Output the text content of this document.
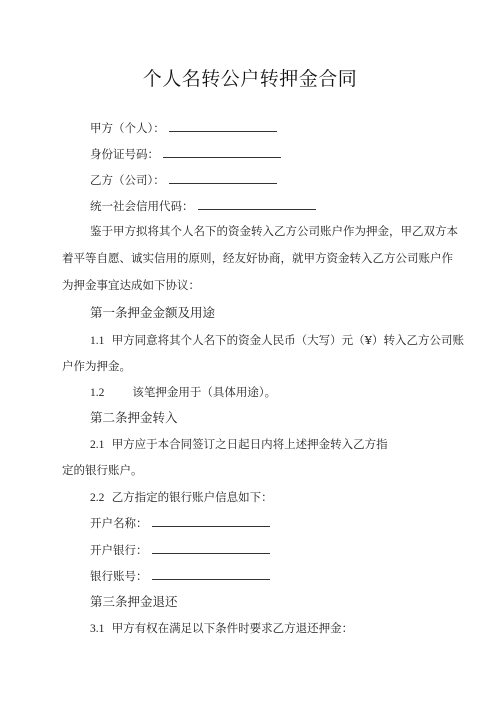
个人名转公户转押金合同
甲方（个人）：
身份证号码：
乙方（公司）：
统一社会信用代码：
鉴于甲方拟将其个人名下的资金转入乙方公司账户作为押金，甲乙双方本
着平等自愿、诚实信用的原则，经友好协商，就甲方资金转入乙方公司账户作
为押金事宜达成如下协议：
第一条押金金额及用途
1.1 甲方同意将其个人名下的资金人民币（大写）元（¥）转入乙方公司账
户作为押金。
1.2 该笔押金用于（具体用途）。
第二条押金转入
2.1 甲方应于本合同签订之日起日内将上述押金转入乙方指
定的银行账户。
2.2 乙方指定的银行账户信息如下：
开户名称：
开户银行：
银行账号：
第三条押金退还
3.1 甲方有权在满足以下条件时要求乙方退还押金：
